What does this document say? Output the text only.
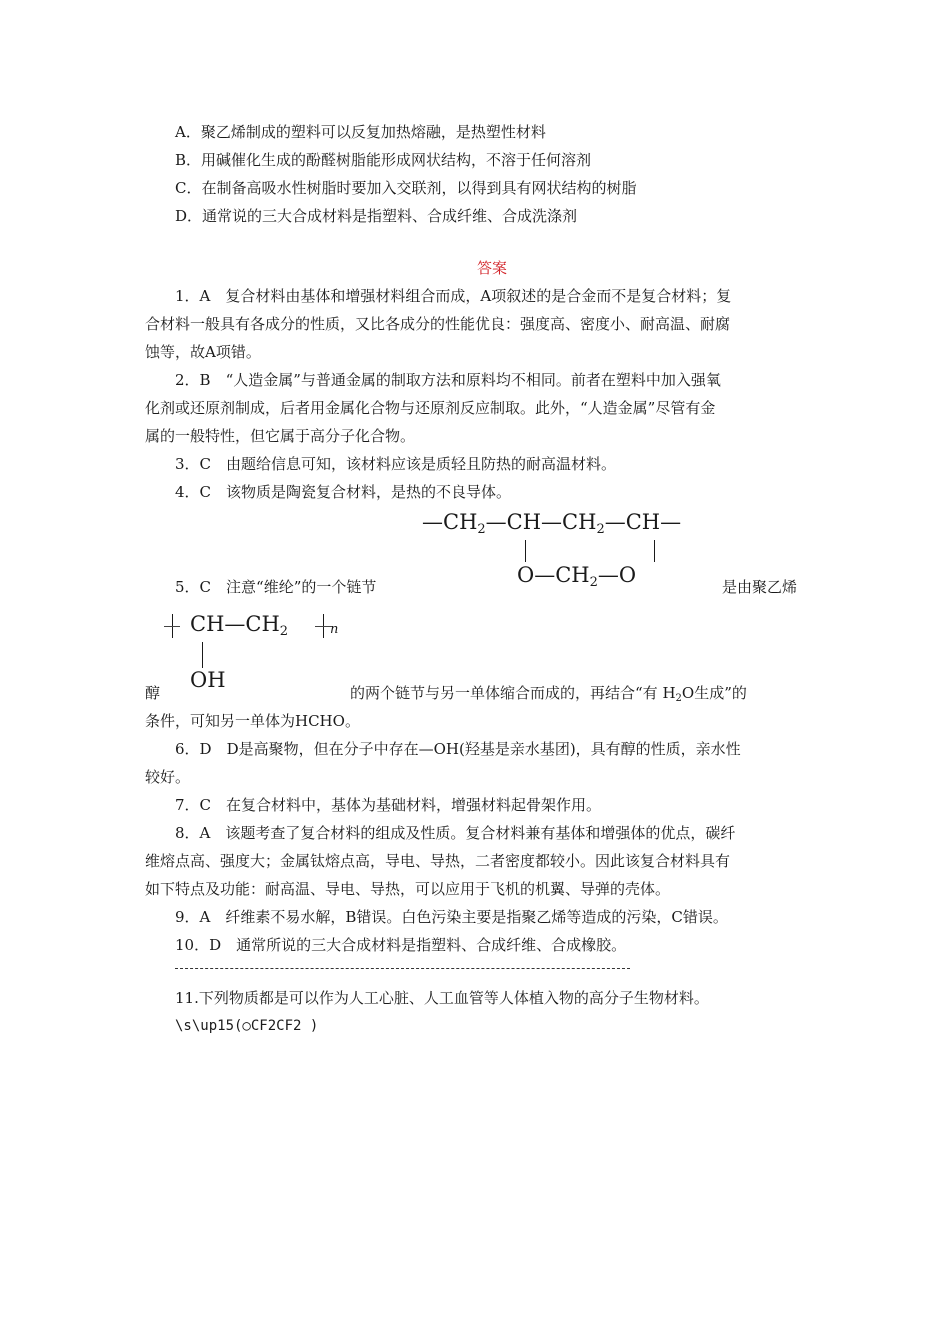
A．聚乙烯制成的塑料可以反复加热熔融，是热塑性材料
B．用碱催化生成的酚醛树脂能形成网状结构，不溶于任何溶剂
C．在制备高吸水性树脂时要加入交联剂，以得到具有网状结构的树脂
D．通常说的三大合成材料是指塑料、合成纤维、合成洗涤剂
答案
1．A　复合材料由基体和增强材料组合而成，A项叙述的是合金而不是复合材料；复
合材料一般具有各成分的性质，又比各成分的性能优良：强度高、密度小、耐高温、耐腐
蚀等，故A项错。
2．B　“人造金属”与普通金属的制取方法和原料均不相同。前者在塑料中加入强氧
化剂或还原剂制成，后者用金属化合物与还原剂反应制取。此外，“人造金属”尽管有金
属的一般特性，但它属于高分子化合物。
3．C　由题给信息可知，该材料应该是质轻且防热的耐高温材料。
4．C　该物质是陶瓷复合材料，是热的不良导体。
$—CH_2—CH—CH_2—CH—$
$O—CH_2—O$
5．C　注意“维纶”的一个链节	是由聚乙烯
$CH—CH_2$	n
OH
醇	的两个链节与另一单体缩合而成的，再结合“有 $H_2O$生成”的
条件，可知另一单体为HCHO。
6．D　D是高聚物，但在分子中存在—OH(羟基是亲水基团)，具有醇的性质，亲水性
较好。
7．C　在复合材料中，基体为基础材料，增强材料起骨架作用。
8．A　该题考查了复合材料的组成及性质。复合材料兼有基体和增强体的优点，碳纤
维熔点高、强度大；金属钛熔点高，导电、导热，二者密度都较小。因此该复合材料具有
如下特点及功能：耐高温、导电、导热，可以应用于飞机的机翼、导弹的壳体。
9．A　纤维素不易水解，B错误。白色污染主要是指聚乙烯等造成的污染，C错误。
10．D　通常所说的三大合成材料是指塑料、合成纤维、合成橡胶。
11.下列物质都是可以作为人工心脏、人工血管等人体植入物的高分子生物材料。
\s\up15(○CF2CF2 )
